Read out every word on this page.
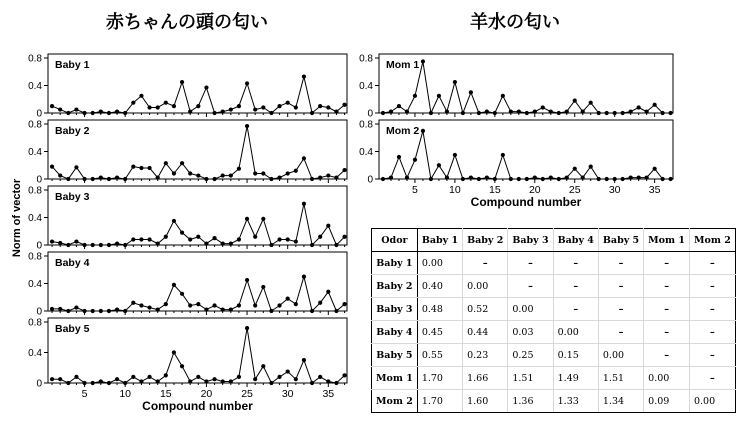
赤ちゃんの頭の匂い	羊水の匂い
0
0.4
0.8 Baby 1
0
0.4
0.8 Baby 2
0
0.4
0.8 Baby 3
0
0.4
0.8 Baby 4
0
0.4
0.8 Baby 5
5	10	15	20	25	30	35
Compound number
0
0.4
0.8 Mom 1
0
0.4
0.8 Mom 2
5	10	15	20	25	30	35
Compound number
Norm of vector	Odor	Baby 1	Baby 2	Baby 3	Baby 4	Baby 5	Mom 1	Mom 2
Baby 1	0.00	–	–	–	–	–	–
Baby 2	0.40	0.00	–	–	–	–	–
Baby 3	0.48	0.52	0.00	–	–	–	–
Baby 4	0.45	0.44	0.03	0.00	–	–	–
Baby 5	0.55	0.23	0.25	0.15	0.00	–	–
Mom 1	1.70	1.66	1.51	1.49	1.51	0.00	–
Mom 2	1.70	1.60	1.36	1.33	1.34	0.09	0.00
